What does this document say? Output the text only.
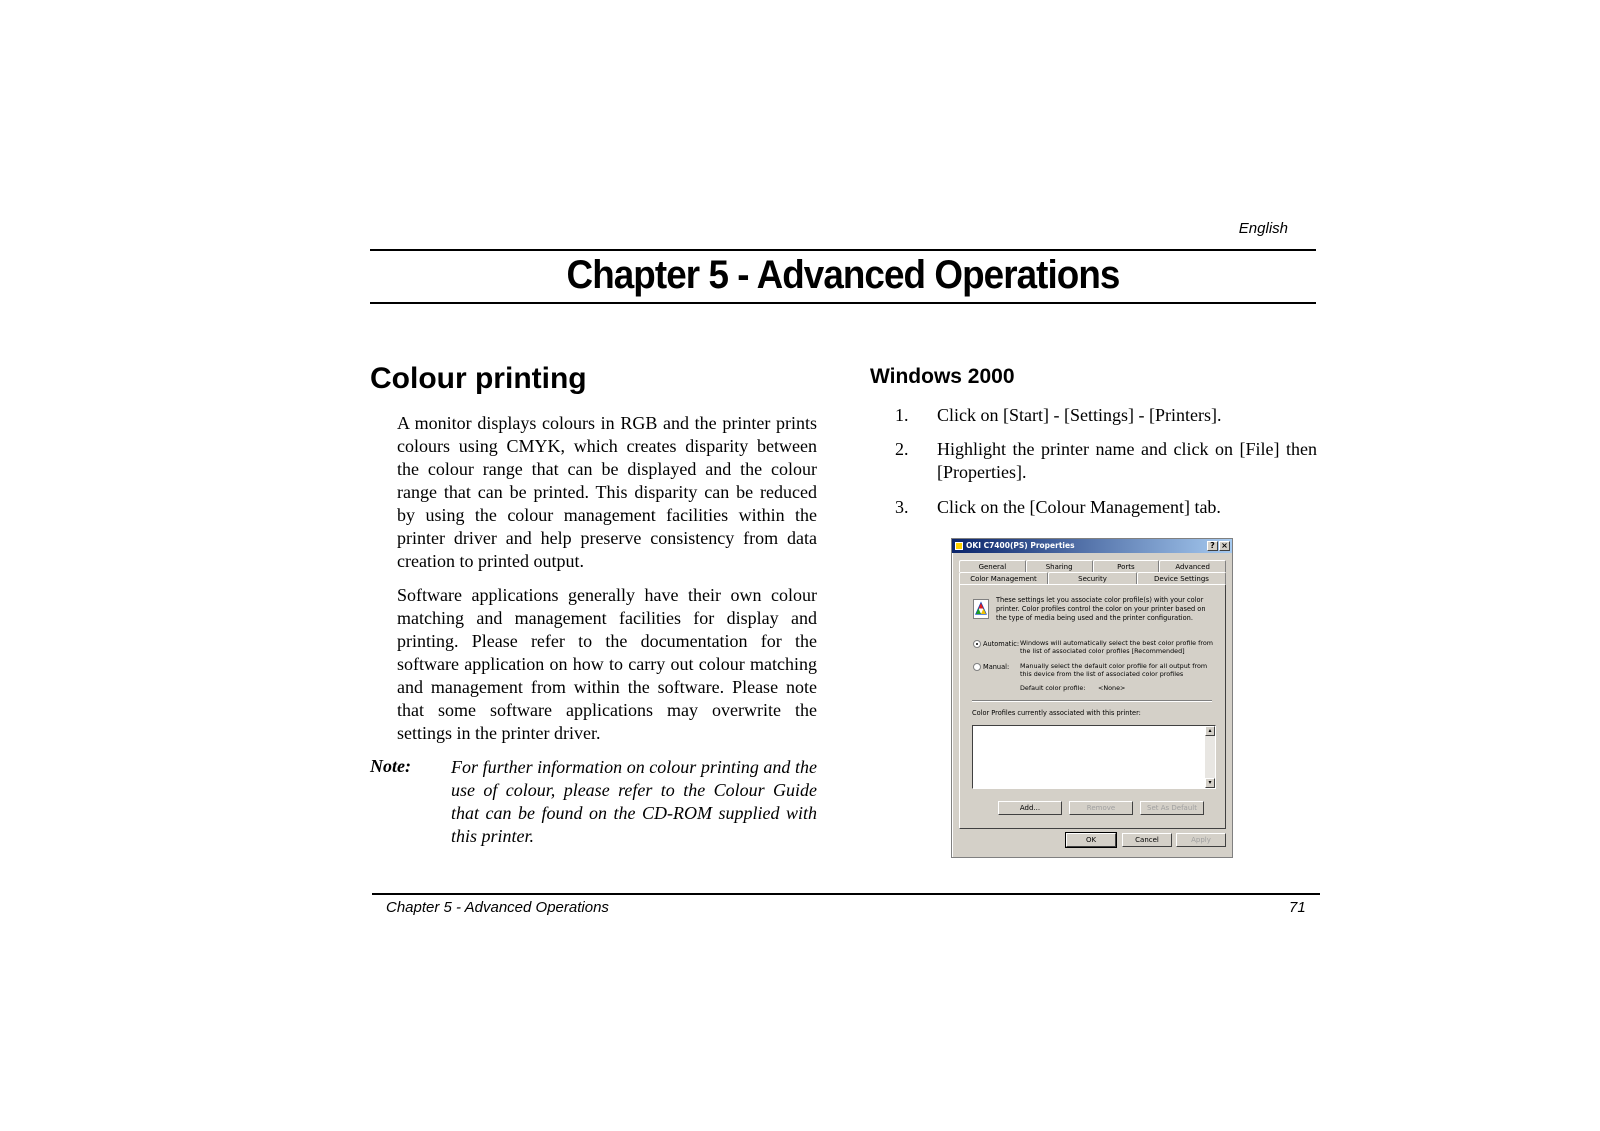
English
Chapter 5 - Advanced Operations
Colour printing

A monitor displays colours in RGB and the printer prints colours using CMYK, which creates disparity between the colour range that can be displayed and the colour range that can be printed. This disparity can be reduced by using the colour management facilities within the printer driver and help preserve consistency from data creation to printed output.

Software applications generally have their own colour matching and management facilities for display and printing. Please refer to the documentation for the software application on how to carry out colour matching and management from within the software. Please note that some software applications may overwrite the settings in the printer driver.

Note: For further information on colour printing and the use of colour, please refer to the Colour Guide that can be found on the CD-ROM supplied with this printer.
Windows 2000
1.	Click on [Start] - [Settings] - [Printers].
2.	Highlight the printer name and click on [File] then [Properties].
3.	Click on the [Colour Management] tab.
OKI C7400(PS) Properties	? ×
General	Sharing	Ports	Advanced
Color Management	Security	Device Settings
These settings let you associate color profile(s) with your color printer. Color profiles control the color on your printer based on the type of media being used and the printer configuration.
Automatic: Windows will automatically select the best color profile from the list of associated color profiles [Recommended]
Manual: Manually select the default color profile for all output from this device from the list of associated color profiles
Default color profile: <None>
Color Profiles currently associated with this printer:
▴
▾
Add...	Remove	Set As Default
OK	Cancel	Apply
Chapter 5 - Advanced Operations	71
